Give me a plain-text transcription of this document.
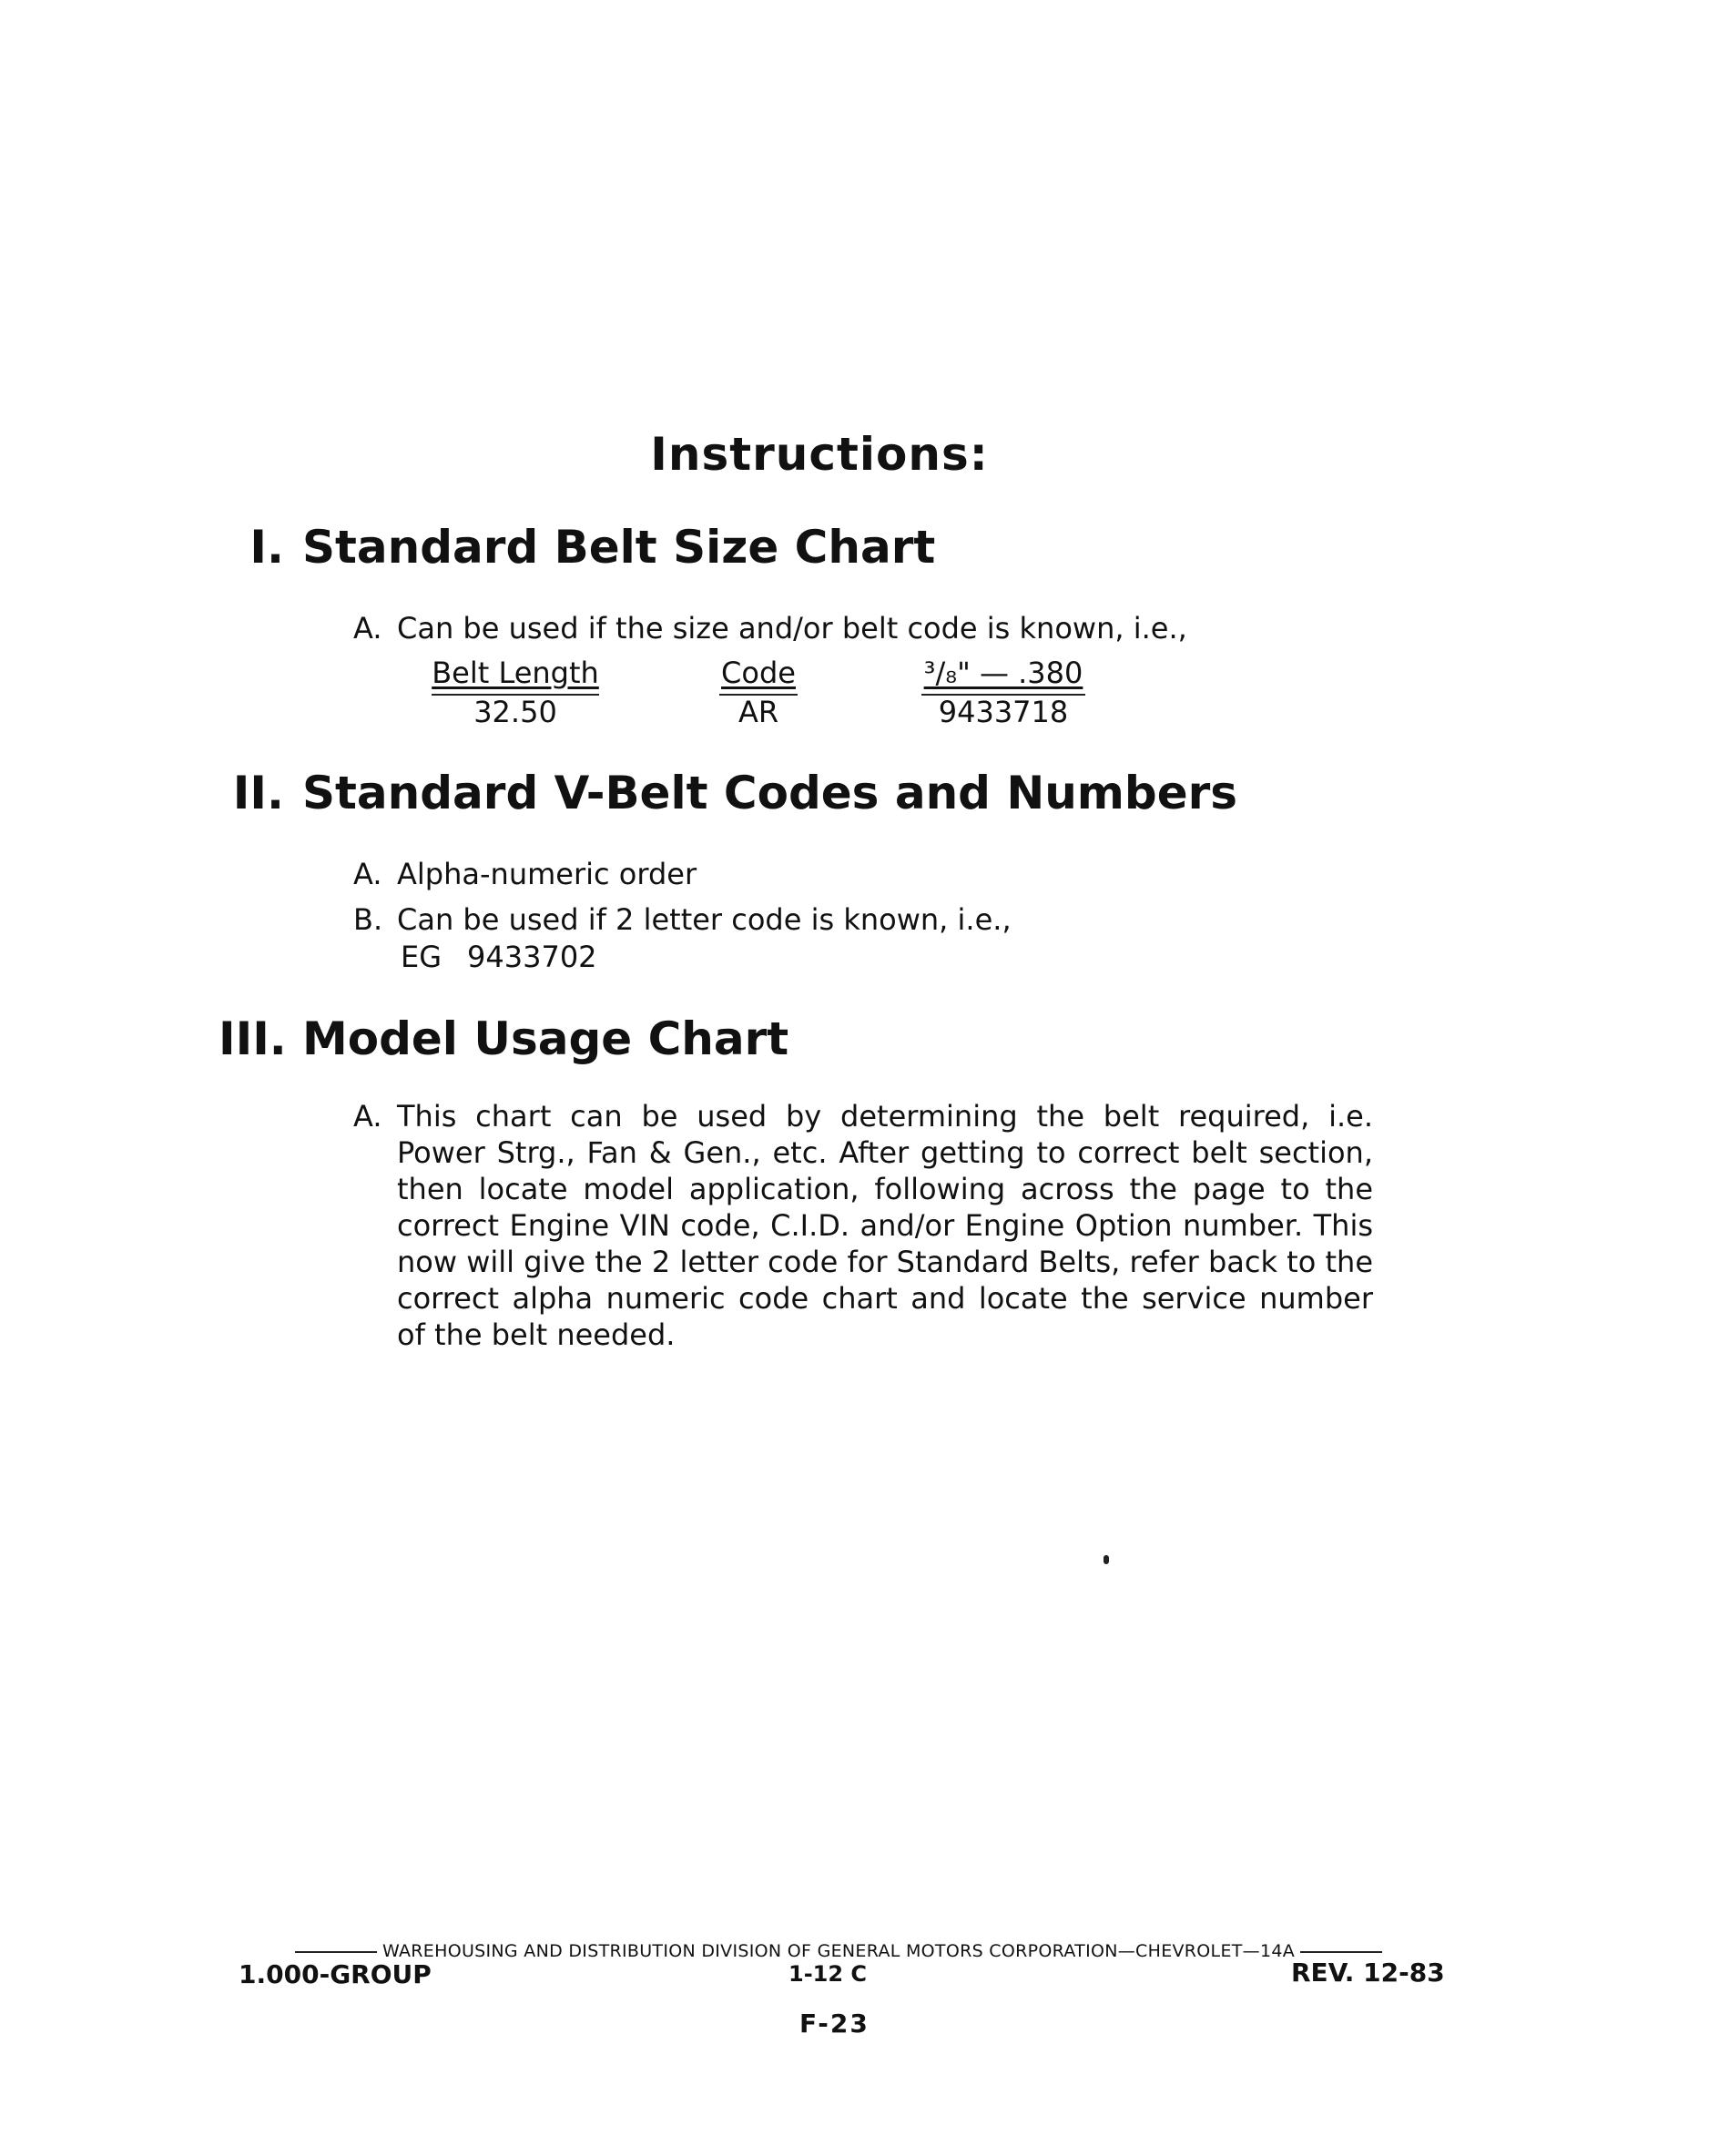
Instructions:
I. Standard Belt Size Chart
A. Can be used if the size and/or belt code is known, i.e.,
Belt Length
32.50
Code
AR
³/₈" — .380
9433718
II. Standard V-Belt Codes and Numbers
A. Alpha-numeric order
B. Can be used if 2 letter code is known, i.e.,
EG 9433702
III. Model Usage Chart
A. This chart can be used by determining the belt required, i.e. Power Strg., Fan & Gen., etc. After getting to correct belt section, then locate model application, following across the page to the correct Engine VIN code, C.I.D. and/or Engine Option number. This now will give the 2 letter code for Standard Belts, refer back to the correct alpha numeric code chart and locate the service number of the belt needed.
WAREHOUSING AND DISTRIBUTION DIVISION OF GENERAL MOTORS CORPORATION—CHEVROLET—14A
1.000-GROUP	1-12 C	REV. 12-83
F-23
